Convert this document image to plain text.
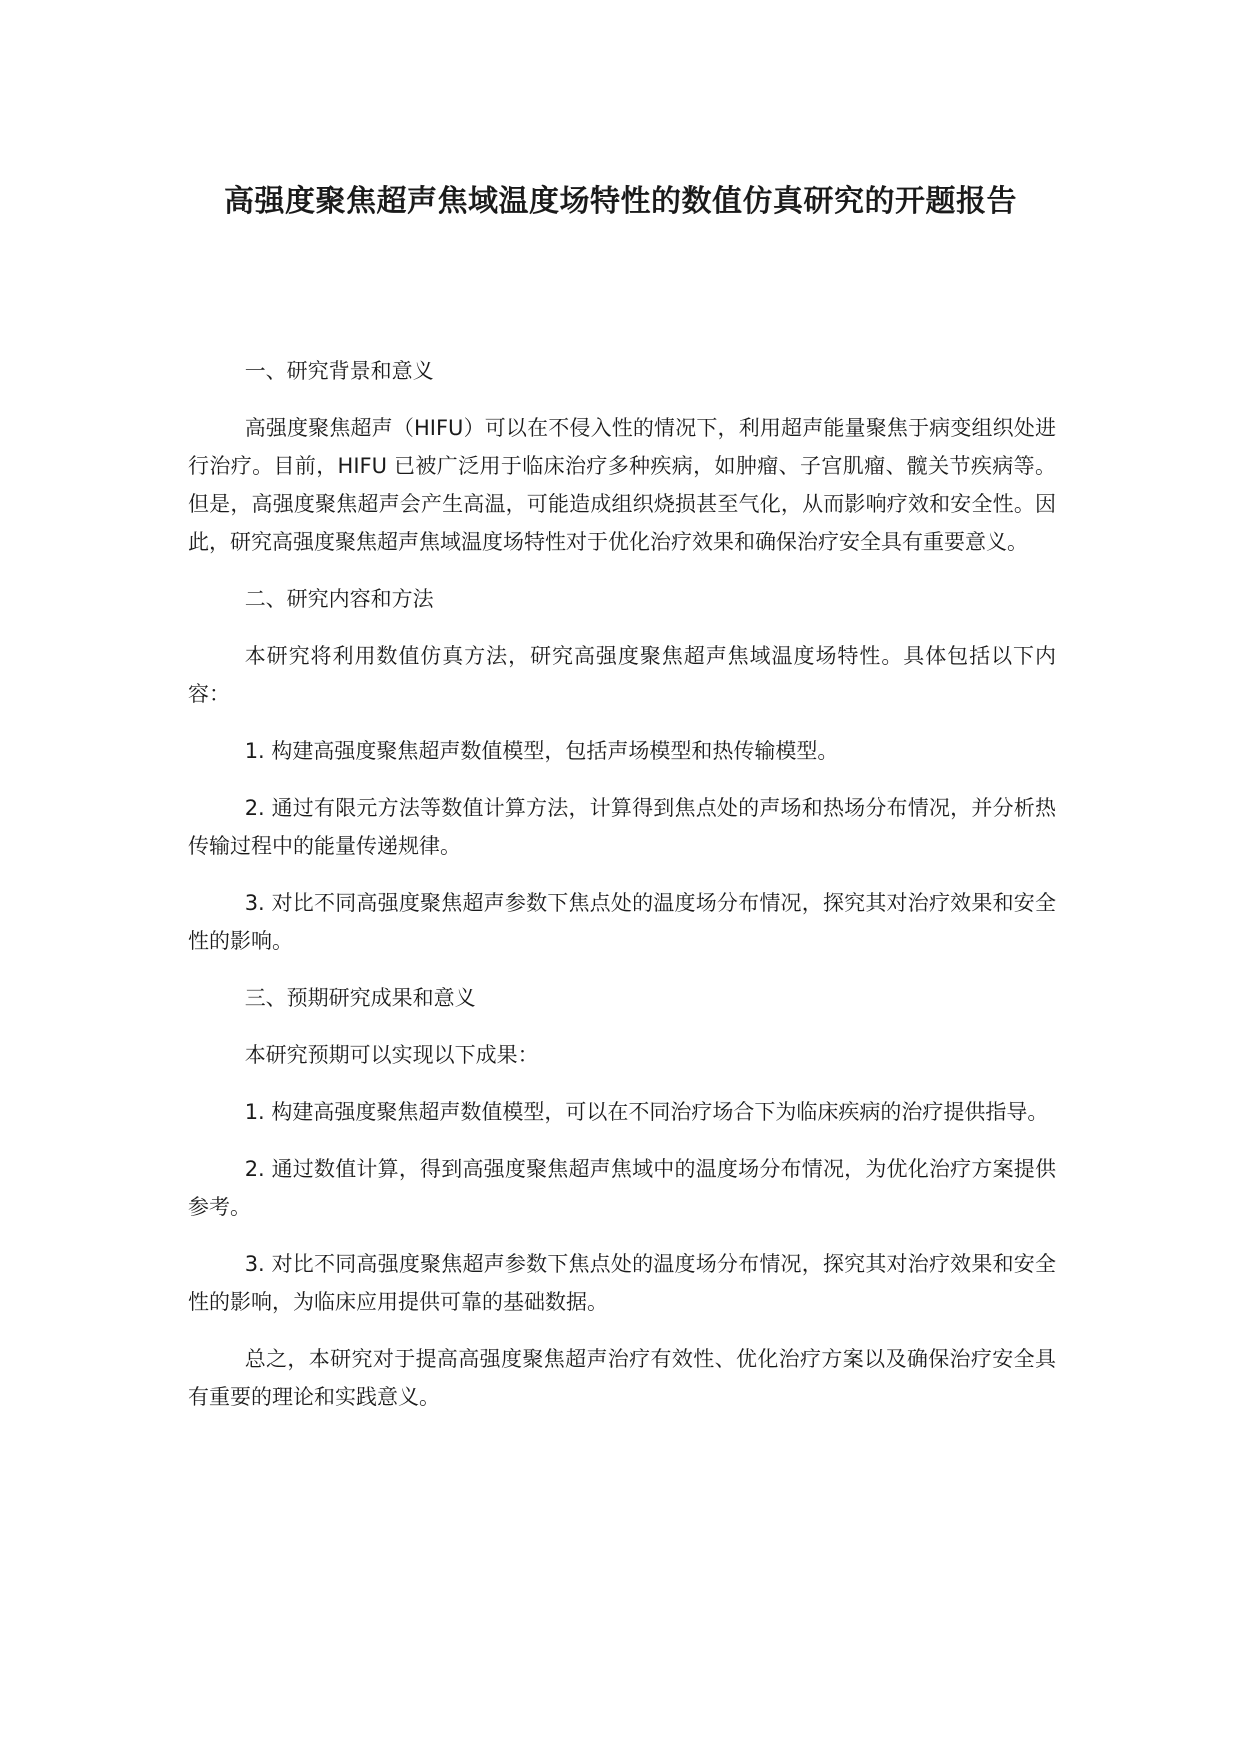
高强度聚焦超声焦域温度场特性的数值仿真研究的开题报告

一、研究背景和意义

高强度聚焦超声（HIFU）可以在不侵入性的情况下，利用超声能量聚焦于病变组织处进行治疗。目前，HIFU 已被广泛用于临床治疗多种疾病，如肿瘤、子宫肌瘤、髋关节疾病等。但是，高强度聚焦超声会产生高温，可能造成组织烧损甚至气化，从而影响疗效和安全性。因此，研究高强度聚焦超声焦域温度场特性对于优化治疗效果和确保治疗安全具有重要意义。

二、研究内容和方法

本研究将利用数值仿真方法，研究高强度聚焦超声焦域温度场特性。具体包括以下内容：

1. 构建高强度聚焦超声数值模型，包括声场模型和热传输模型。

2. 通过有限元方法等数值计算方法，计算得到焦点处的声场和热场分布情况，并分析热传输过程中的能量传递规律。

3. 对比不同高强度聚焦超声参数下焦点处的温度场分布情况，探究其对治疗效果和安全性的影响。

三、预期研究成果和意义

本研究预期可以实现以下成果：

1. 构建高强度聚焦超声数值模型，可以在不同治疗场合下为临床疾病的治疗提供指导。

2. 通过数值计算，得到高强度聚焦超声焦域中的温度场分布情况，为优化治疗方案提供参考。

3. 对比不同高强度聚焦超声参数下焦点处的温度场分布情况，探究其对治疗效果和安全性的影响，为临床应用提供可靠的基础数据。

总之，本研究对于提高高强度聚焦超声治疗有效性、优化治疗方案以及确保治疗安全具有重要的理论和实践意义。
